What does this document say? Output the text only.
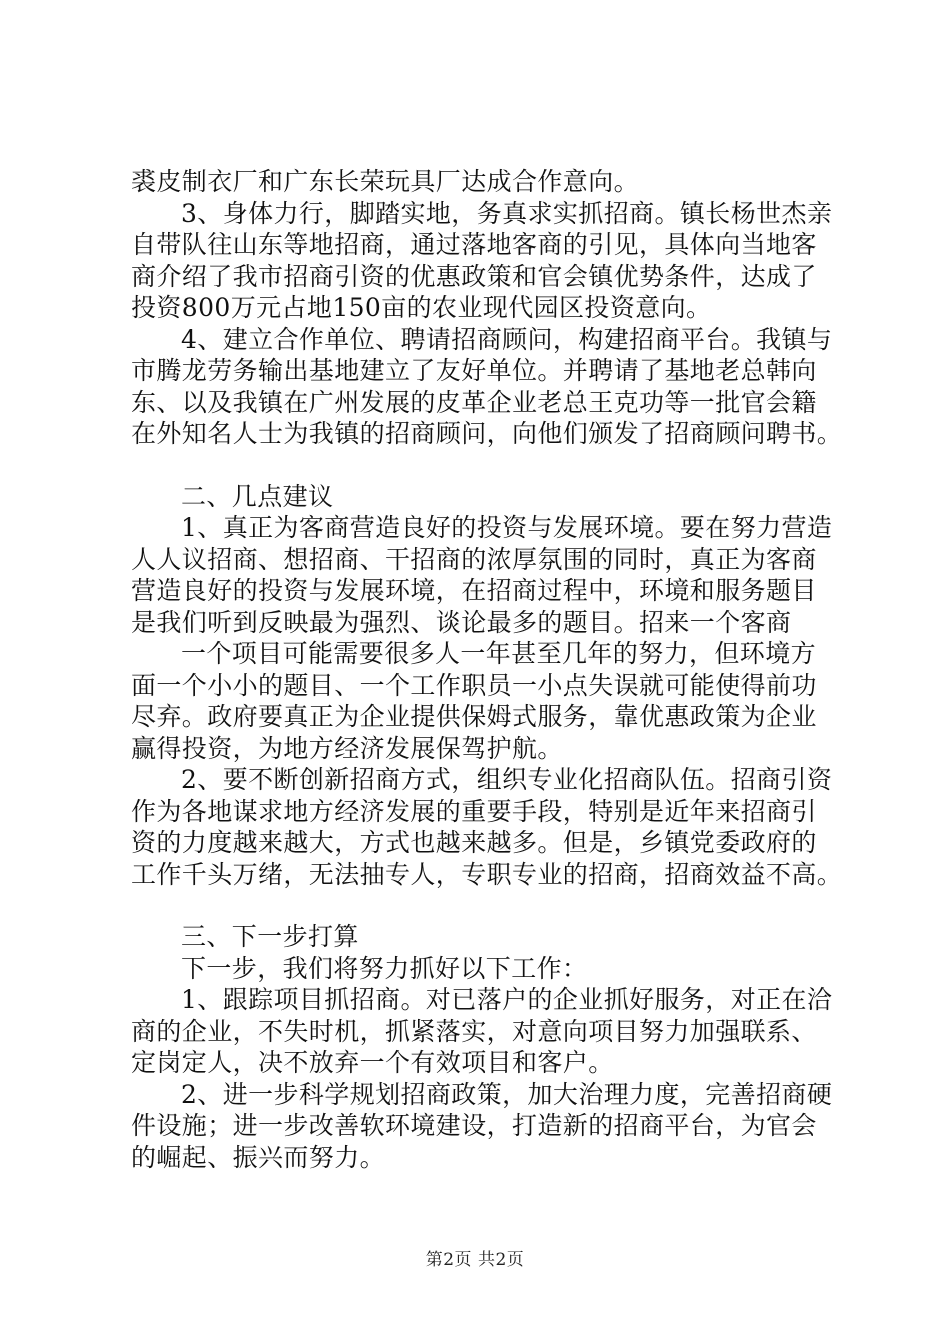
裘皮制衣厂和广东长荣玩具厂达成合作意向。
3、身体力行，脚踏实地，务真求实抓招商。镇长杨世杰亲
自带队往山东等地招商，通过落地客商的引见，具体向当地客
商介绍了我市招商引资的优惠政策和官会镇优势条件，达成了
投资800万元占地150亩的农业现代园区投资意向。
4、建立合作单位、聘请招商顾问，构建招商平台。我镇与
市腾龙劳务输出基地建立了友好单位。并聘请了基地老总韩向
东、以及我镇在广州发展的皮革企业老总王克功等一批官会籍
在外知名人士为我镇的招商顾问，向他们颁发了招商顾问聘书。
二、几点建议
1、真正为客商营造良好的投资与发展环境。要在努力营造
人人议招商、想招商、干招商的浓厚氛围的同时，真正为客商
营造良好的投资与发展环境，在招商过程中，环境和服务题目
是我们听到反映最为强烈、谈论最多的题目。招来一个客商
一个项目可能需要很多人一年甚至几年的努力，但环境方
面一个小小的题目、一个工作职员一小点失误就可能使得前功
尽弃。政府要真正为企业提供保姆式服务，靠优惠政策为企业
赢得投资，为地方经济发展保驾护航。
2、要不断创新招商方式，组织专业化招商队伍。招商引资
作为各地谋求地方经济发展的重要手段，特别是近年来招商引
资的力度越来越大，方式也越来越多。但是，乡镇党委政府的
工作千头万绪，无法抽专人，专职专业的招商，招商效益不高。
三、下一步打算
下一步，我们将努力抓好以下工作：
1、跟踪项目抓招商。对已落户的企业抓好服务，对正在洽
商的企业，不失时机，抓紧落实，对意向项目努力加强联系、
定岗定人，决不放弃一个有效项目和客户。
2、进一步科学规划招商政策，加大治理力度，完善招商硬
件设施；进一步改善软环境建设，打造新的招商平台，为官会
的崛起、振兴而努力。
第2页 共2页
